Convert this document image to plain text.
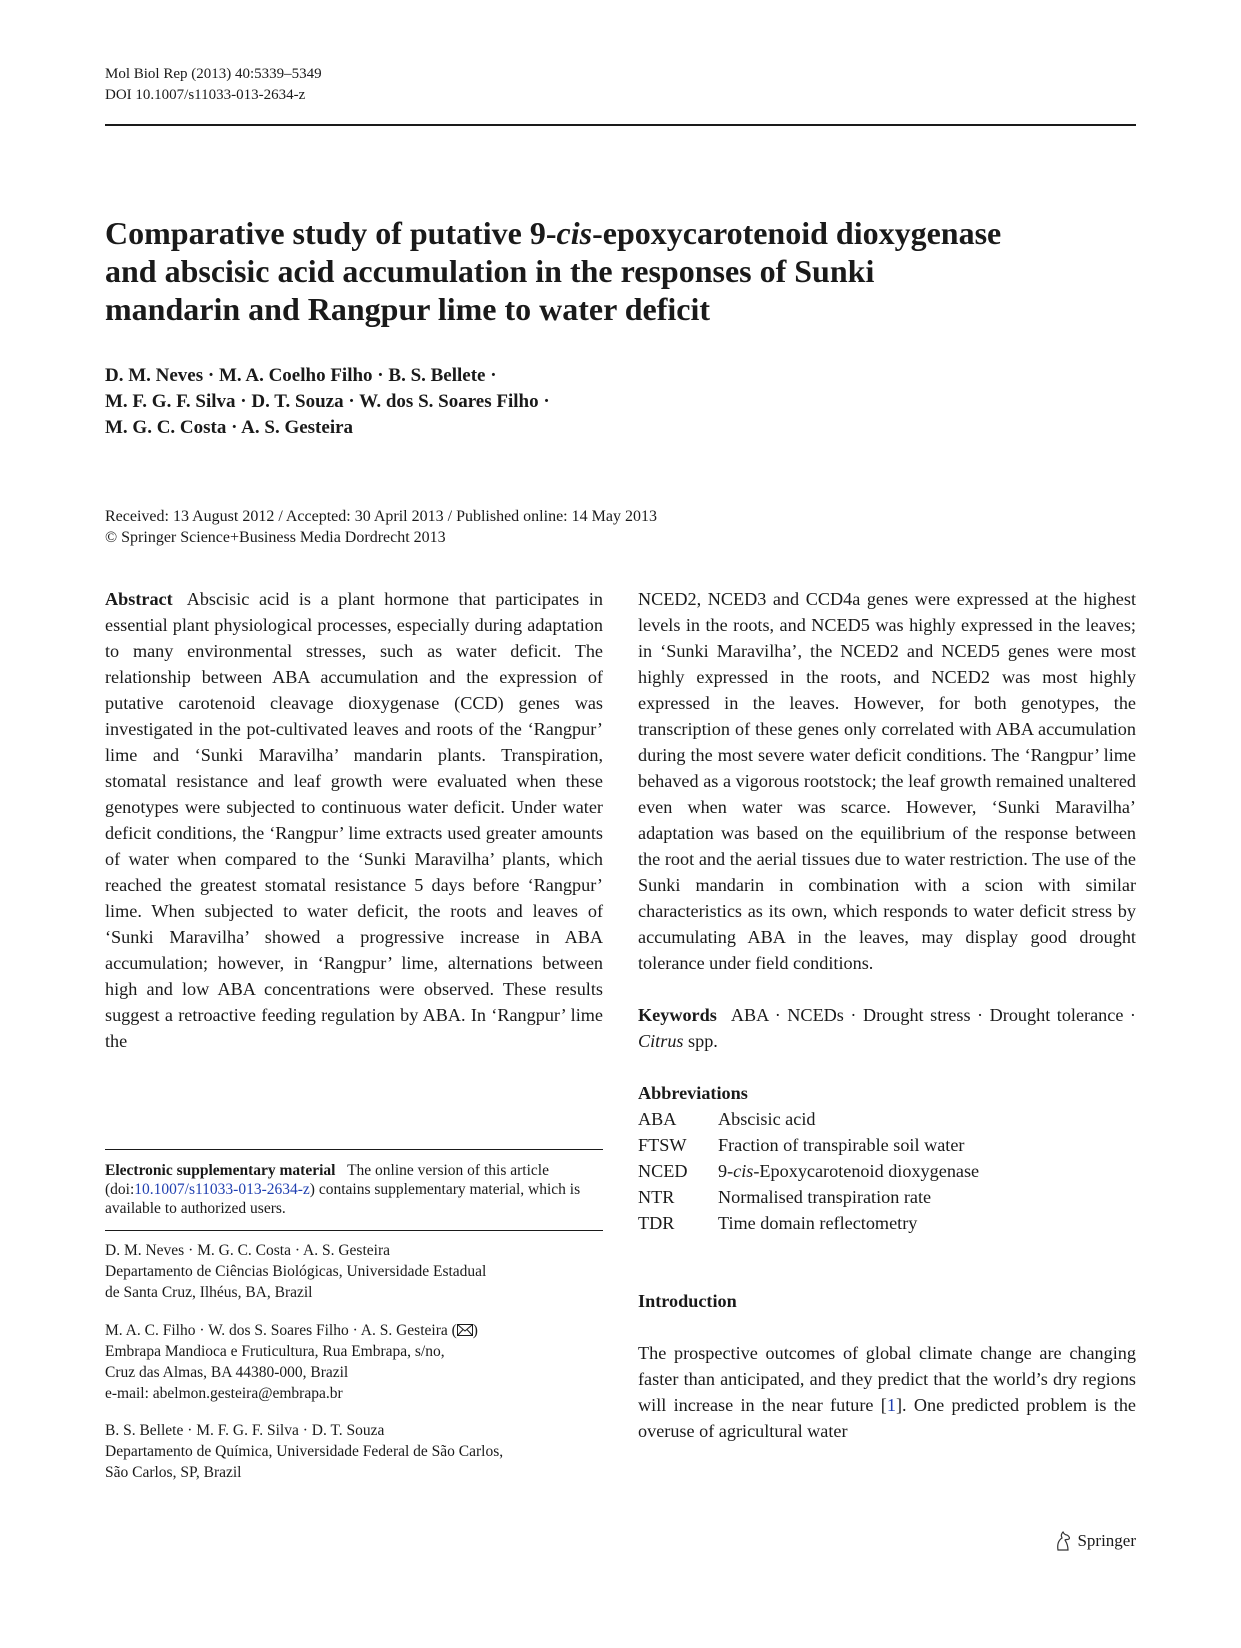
Mol Biol Rep (2013) 40:5339–5349
DOI 10.1007/s11033-013-2634-z
Comparative study of putative 9-cis-epoxycarotenoid dioxygenase
and abscisic acid accumulation in the responses of Sunki
mandarin and Rangpur lime to water deficit
D. M. Neves · M. A. Coelho Filho · B. S. Bellete ·
M. F. G. F. Silva · D. T. Souza · W. dos S. Soares Filho ·
M. G. C. Costa · A. S. Gesteira
Received: 13 August 2012 / Accepted: 30 April 2013 / Published online: 14 May 2013
© Springer Science+Business Media Dordrecht 2013
Abstract Abscisic acid is a plant hormone that participates in essential plant physiological processes, especially during adaptation to many environmental stresses, such as water deficit. The relationship between ABA accumulation and the expression of putative carotenoid cleavage dioxygenase (CCD) genes was investigated in the pot-cultivated leaves and roots of the ‘Rangpur’ lime and ‘Sunki Maravilha’ mandarin plants. Transpiration, stomatal resistance and leaf growth were evaluated when these genotypes were subjected to continuous water deficit. Under water deficit conditions, the ‘Rangpur’ lime extracts used greater amounts of water when compared to the ‘Sunki Maravilha’ plants, which reached the greatest stomatal resistance 5 days before ‘Rangpur’ lime. When subjected to water deficit, the roots and leaves of ‘Sunki Maravilha’ showed a progressive increase in ABA accumulation; however, in ‘Rangpur’ lime, alternations between high and low ABA concentrations were observed. These results suggest a retroactive feeding regulation by ABA. In ‘Rangpur’ lime the
NCED2, NCED3 and CCD4a genes were expressed at the highest levels in the roots, and NCED5 was highly expressed in the leaves; in ‘Sunki Maravilha’, the NCED2 and NCED5 genes were most highly expressed in the roots, and NCED2 was most highly expressed in the leaves. However, for both genotypes, the transcription of these genes only correlated with ABA accumulation during the most severe water deficit conditions. The ‘Rangpur’ lime behaved as a vigorous rootstock; the leaf growth remained unaltered even when water was scarce. However, ‘Sunki Maravilha’ adaptation was based on the equilibrium of the response between the root and the aerial tissues due to water restriction. The use of the Sunki mandarin in combination with a scion with similar characteristics as its own, which responds to water deficit stress by accumulating ABA in the leaves, may display good drought tolerance under field conditions.
Keywords ABA · NCEDs · Drought stress · Drought tolerance · Citrus spp.
Abbreviations
ABA	Abscisic acid
FTSW	Fraction of transpirable soil water
NCED	9-cis-Epoxycarotenoid dioxygenase
NTR	Normalised transpiration rate
TDR	Time domain reflectometry
Introduction
The prospective outcomes of global climate change are changing faster than anticipated, and they predict that the world’s dry regions will increase in the near future [1]. One predicted problem is the overuse of agricultural water
Electronic supplementary material The online version of this article (doi:10.1007/s11033-013-2634-z) contains supplementary material, which is available to authorized users.
D. M. Neves · M. G. C. Costa · A. S. Gesteira
Departamento de Ciências Biológicas, Universidade Estadual
de Santa Cruz, Ilhéus, BA, Brazil
M. A. C. Filho · W. dos S. Soares Filho · A. S. Gesteira ( )
Embrapa Mandioca e Fruticultura, Rua Embrapa, s/no,
Cruz das Almas, BA 44380-000, Brazil
e-mail: abelmon.gesteira@embrapa.br
B. S. Bellete · M. F. G. F. Silva · D. T. Souza
Departamento de Química, Universidade Federal de São Carlos,
São Carlos, SP, Brazil
Springer
